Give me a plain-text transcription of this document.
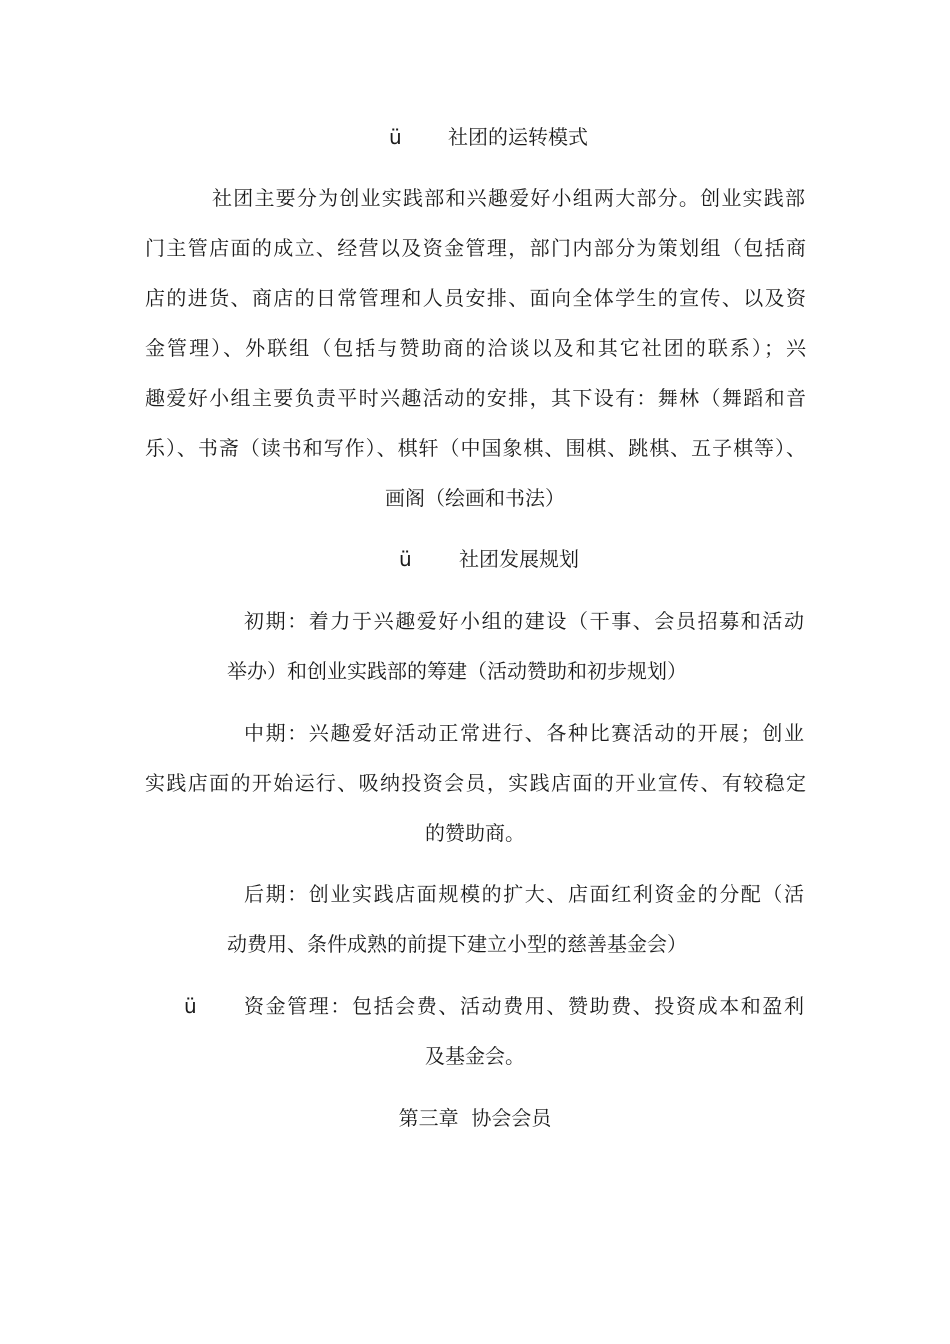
ü 社团的运转模式
社团主要分为创业实践部和兴趣爱好小组两大部分。创业实践部
门主管店面的成立、经营以及资金管理，部门内部分为策划组（包括商
店的进货、商店的日常管理和人员安排、面向全体学生的宣传、以及资
金管理）、外联组（包括与赞助商的洽谈以及和其它社团的联系）；兴
趣爱好小组主要负责平时兴趣活动的安排，其下设有：舞林（舞蹈和音
乐）、书斋（读书和写作）、棋轩（中国象棋、围棋、跳棋、五子棋等）、
画阁（绘画和书法）
ü 社团发展规划
初期：着力于兴趣爱好小组的建设（干事、会员招募和活动
举办）和创业实践部的筹建（活动赞助和初步规划）
中期：兴趣爱好活动正常进行、各种比赛活动的开展；创业
实践店面的开始运行、吸纳投资会员，实践店面的开业宣传、有较稳定
的赞助商。
后期：创业实践店面规模的扩大、店面红利资金的分配（活
动费用、条件成熟的前提下建立小型的慈善基金会）
ü 资金管理：包括会费、活动费用、赞助费、投资成本和盈利
及基金会。
第三章  协会会员
